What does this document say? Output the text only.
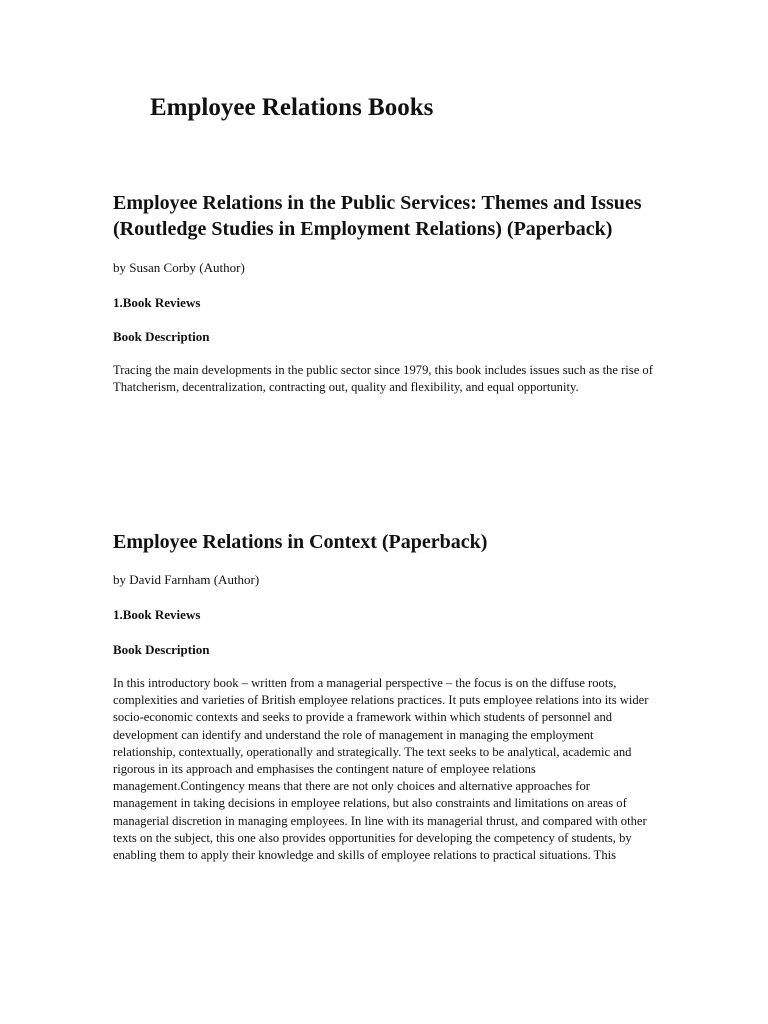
Employee Relations Books
Employee Relations in the Public Services: Themes and Issues (Routledge Studies in Employment Relations) (Paperback)

by Susan Corby (Author)

1.Book Reviews

Book Description

Tracing the main developments in the public sector since 1979, this book includes issues such as the rise of Thatcherism, decentralization, contracting out, quality and flexibility, and equal opportunity.

Employee Relations in Context (Paperback)

by David Farnham (Author)

1.Book Reviews

Book Description

In this introductory book – written from a managerial perspective – the focus is on the diffuse roots, complexities and varieties of British employee relations practices. It puts employee relations into its wider socio-economic contexts and seeks to provide a framework within which students of personnel and development can identify and understand the role of management in managing the employment relationship, contextually, operationally and strategically. The text seeks to be analytical, academic and rigorous in its approach and emphasises the contingent nature of employee relations management.Contingency means that there are not only choices and alternative approaches for management in taking decisions in employee relations, but also constraints and limitations on areas of managerial discretion in managing employees. In line with its managerial thrust, and compared with other texts on the subject, this one also provides opportunities for developing the competency of students, by enabling them to apply their knowledge and skills of employee relations to practical situations. This
